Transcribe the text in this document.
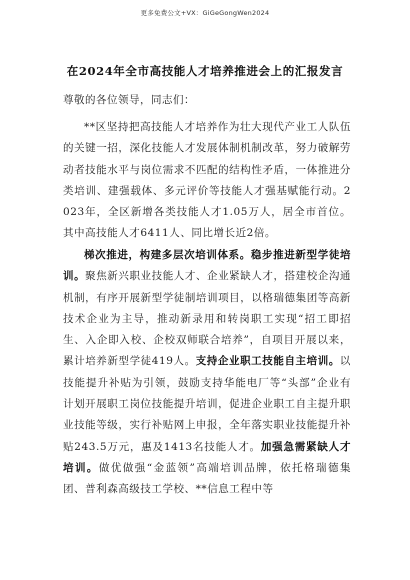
更多免费公文+VX：GiGeGongWen2024
在2024年全市高技能人才培养推进会上的汇报发言
尊敬的各位领导，同志们：

**区坚持把高技能人才培养作为壮大现代产业工人队伍的关键一招，深化技能人才发展体制机制改革，努力破解劳动者技能水平与岗位需求不匹配的结构性矛盾，一体推进分类培训、建强载体、多元评价等技能人才强基赋能行动。2023年，全区新增各类技能人才1.05万人，居全市首位。其中高技能人才6411人、同比增长近2倍。

梯次推进，构建多层次培训体系。稳步推进新型学徒培训。聚焦新兴职业技能人才、企业紧缺人才，搭建校企沟通机制，有序开展新型学徒制培训项目，以格瑞德集团等高新技术企业为主导，推动新录用和转岗职工实现“招工即招生、入企即入校、企校双师联合培养”，自项目开展以来，累计培养新型学徒419人。支持企业职工技能自主培训。以技能提升补贴为引领，鼓励支持华能电厂等“头部”企业有计划开展职工岗位技能提升培训，促进企业职工自主提升职业技能等级，实行补贴网上申报，全年落实职业技能提升补贴243.5万元，惠及1413名技能人才。加强急需紧缺人才培训。做优做强“金蓝领”高端培训品牌，依托格瑞德集团、普利森高级技工学校、**信息工程中等
